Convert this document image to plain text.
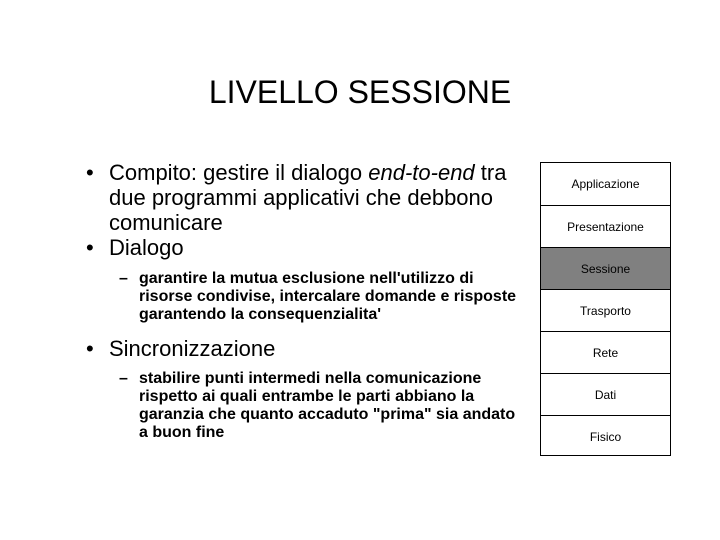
LIVELLO SESSIONE
• Compito: gestire il dialogo end-to-end tra due programmi applicativi che debbono comunicare
• Dialogo
– garantire la mutua esclusione nell'utilizzo di risorse condivise, intercalare domande e risposte garantendo la consequenzialita'
• Sincronizzazione
– stabilire punti intermedi nella comunicazione rispetto ai quali entrambe le parti abbiano la garanzia che quanto accaduto "prima" sia andato a buon fine
Applicazione
Presentazione
Sessione
Trasporto
Rete
Dati
Fisico
